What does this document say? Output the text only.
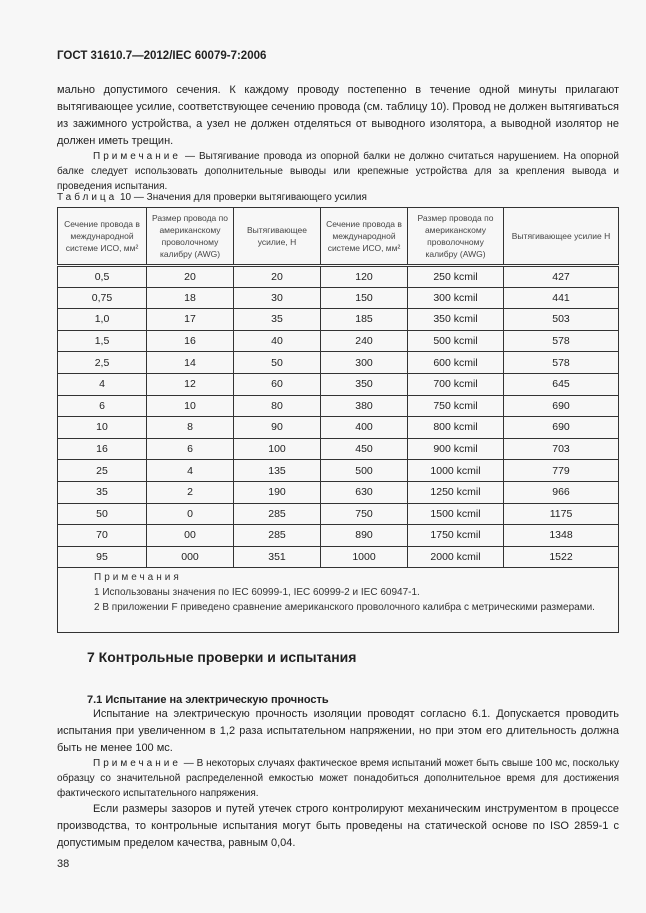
ГОСТ 31610.7—2012/IEC 60079-7:2006
мально допустимого сечения. К каждому проводу постепенно в течение одной минуты прилагают вытягивающее усилие, соответствующее сечению провода (см. таблицу 10). Провод не должен вытягиваться из зажимного устройства, а узел не должен отделяться от выводного изолятора, а выводной изолятор не должен иметь трещин.
Примечание — Вытягивание провода из опорной балки не должно считаться нарушением. На опорной балке следует использовать дополнительные выводы или крепежные устройства для за крепления вывода и проведения испытания.
Таблица 10 — Значения для проверки вытягивающего усилия
Сечение провода в международной системе ИСО, мм²	Размер провода по американскому проволочному калибру (AWG)	Вытягивающее усилие, Н	Сечение провода в международной системе ИСО, мм²	Размер провода по американскому проволочному калибру (AWG)	Вытягивающее усилие Н
0,5	20	20	120	250 kcmil	427
0,75	18	30	150	300 kcmil	441
1,0	17	35	185	350 kcmil	503
1,5	16	40	240	500 kcmil	578
2,5	14	50	300	600 kcmil	578
4	12	60	350	700 kcmil	645
6	10	80	380	750 kcmil	690
10	8	90	400	800 kcmil	690
16	6	100	450	900 kcmil	703
25	4	135	500	1000 kcmil	779
35	2	190	630	1250 kcmil	966
50	0	285	750	1500 kcmil	1175
70	00	285	890	1750 kcmil	1348
95	000	351	1000	2000 kcmil	1522
Примечания
1 Использованы значения по IEC 60999-1, IEC 60999-2 и IEC 60947-1.
2 В приложении F приведено сравнение американского проволочного калибра с метрическими размерами.
7 Контрольные проверки и испытания
7.1 Испытание на электрическую прочность
Испытание на электрическую прочность изоляции проводят согласно 6.1. Допускается проводить испытания при увеличенном в 1,2 раза испытательном напряжении, но при этом его длительность должна быть не менее 100 мс.
Примечание — В некоторых случаях фактическое время испытаний может быть свыше 100 мс, поскольку образцу со значительной распределенной емкостью может понадобиться дополнительное время для достижения фактического испытательного напряжения.
Если размеры зазоров и путей утечек строго контролируют механическим инструментом в процессе производства, то контрольные испытания могут быть проведены на статической основе по ISO 2859-1 с допустимым пределом качества, равным 0,04.
38
